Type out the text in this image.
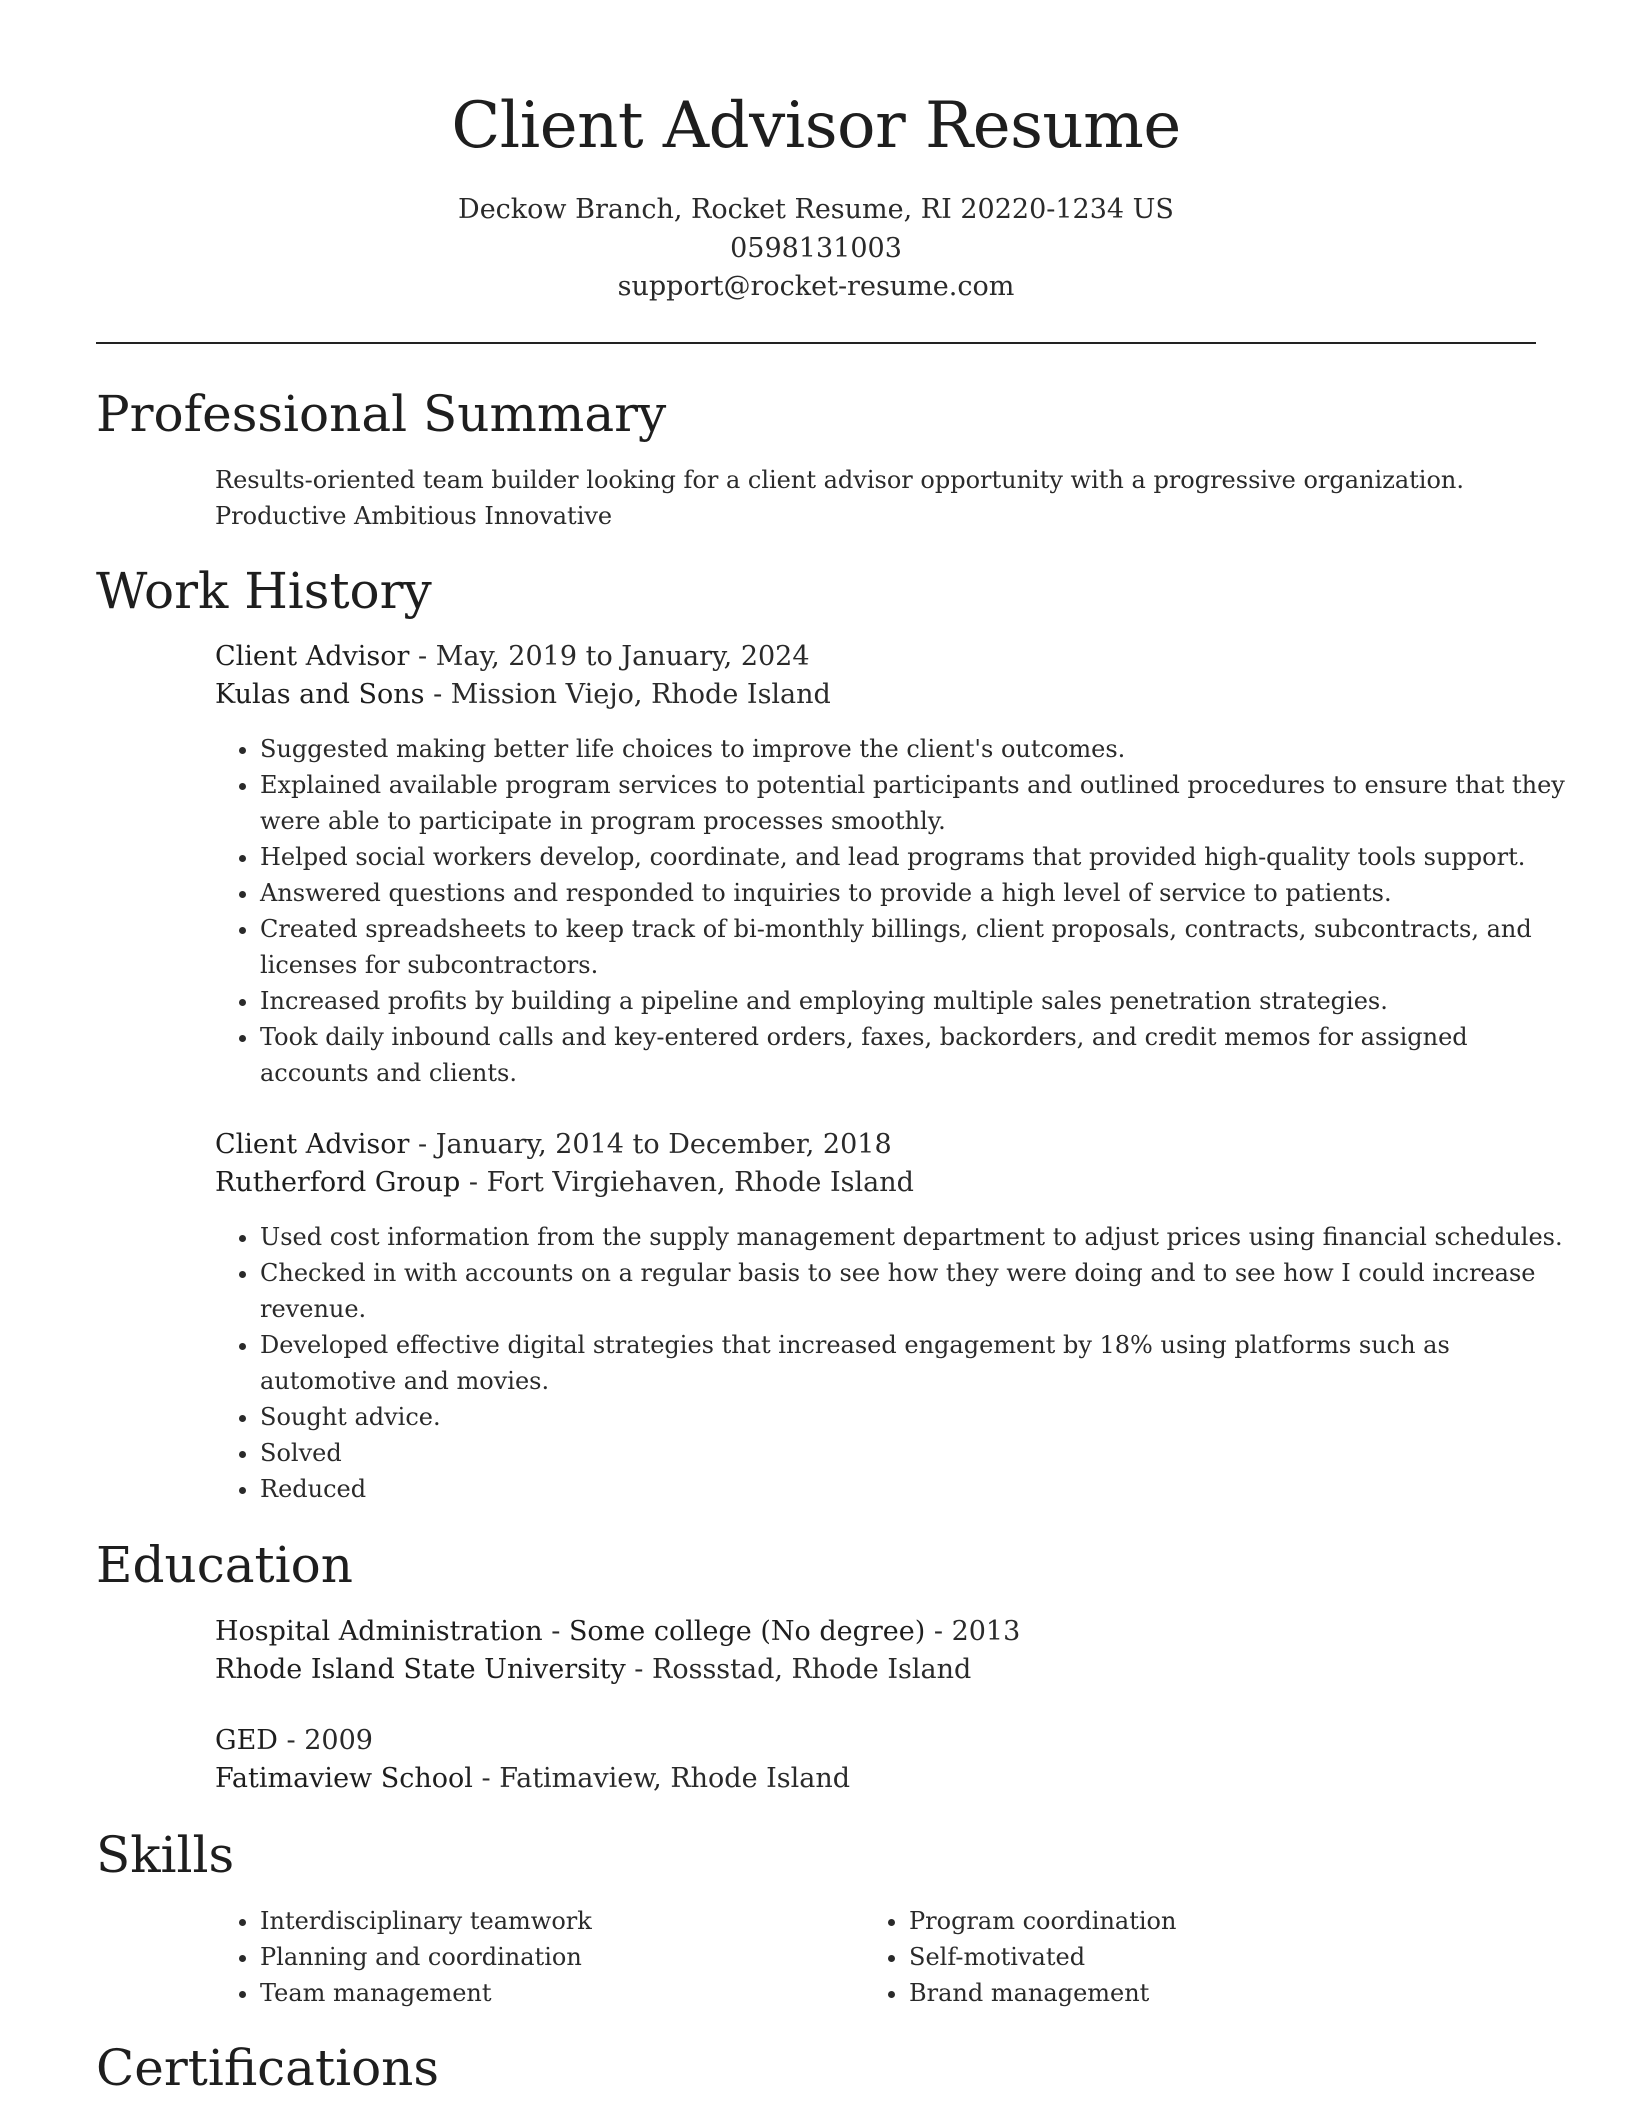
Client Advisor Resume
Deckow Branch, Rocket Resume, RI 20220-1234 US
0598131003
support@rocket-resume.com
Professional Summary
Results-oriented team builder looking for a client advisor opportunity with a progressive organization.
Productive Ambitious Innovative
Work History
Client Advisor - May, 2019 to January, 2024
Kulas and Sons - Mission Viejo, Rhode Island
• Suggested making better life choices to improve the client's outcomes.
• Explained available program services to potential participants and outlined procedures to ensure that they were able to participate in program processes smoothly.
• Helped social workers develop, coordinate, and lead programs that provided high-quality tools support.
• Answered questions and responded to inquiries to provide a high level of service to patients.
• Created spreadsheets to keep track of bi-monthly billings, client proposals, contracts, subcontracts, and licenses for subcontractors.
• Increased profits by building a pipeline and employing multiple sales penetration strategies.
• Took daily inbound calls and key-entered orders, faxes, backorders, and credit memos for assigned accounts and clients.
Client Advisor - January, 2014 to December, 2018
Rutherford Group - Fort Virgiehaven, Rhode Island
• Used cost information from the supply management department to adjust prices using financial schedules.
• Checked in with accounts on a regular basis to see how they were doing and to see how I could increase revenue.
• Developed effective digital strategies that increased engagement by 18% using platforms such as automotive and movies.
• Sought advice.
• Solved
• Reduced
Education
Hospital Administration - Some college (No degree) - 2013
Rhode Island State University - Rossstad, Rhode Island
GED - 2009
Fatimaview School - Fatimaview, Rhode Island
Skills
• Interdisciplinary teamwork
• Planning and coordination
• Team management
• Program coordination
• Self-motivated
• Brand management
Certifications
